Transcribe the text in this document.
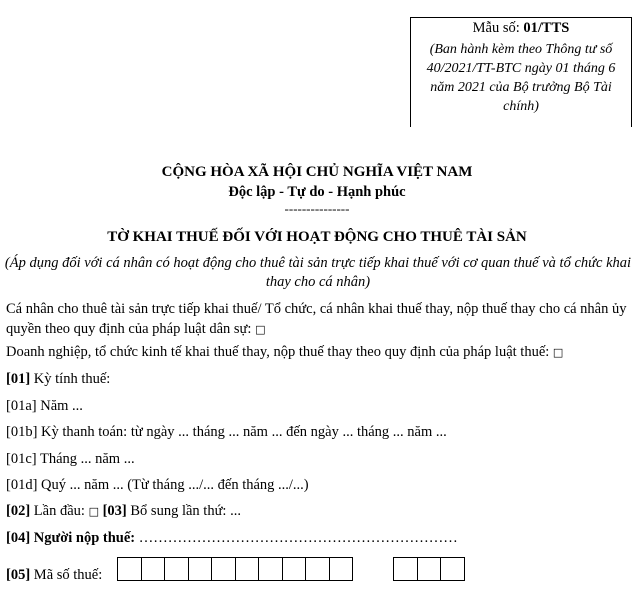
Mẫu số: 01/TTS
(Ban hành kèm theo Thông tư số 40/2021/TT-BTC ngày 01 tháng 6 năm 2021 của Bộ trưởng Bộ Tài chính)
CỘNG HÒA XÃ HỘI CHỦ NGHĨA VIỆT NAM
Độc lập - Tự do - Hạnh phúc
---------------
TỜ KHAI THUẾ ĐỐI VỚI HOẠT ĐỘNG CHO THUÊ TÀI SẢN
(Áp dụng đối với cá nhân có hoạt động cho thuê tài sản trực tiếp khai thuế với cơ quan thuế và tổ chức khai thay cho cá nhân)
Cá nhân cho thuê tài sản trực tiếp khai thuế/ Tổ chức, cá nhân khai thuế thay, nộp thuế thay cho cá nhân ủy quyền theo quy định của pháp luật dân sự: □
Doanh nghiệp, tổ chức kinh tế khai thuế thay, nộp thuế thay theo quy định của pháp luật thuế: □
[01] Kỳ tính thuế:
[01a] Năm ...
[01b] Kỳ thanh toán: từ ngày ... tháng ... năm ... đến ngày ... tháng ... năm ...
[01c] Tháng ... năm ...
[01d] Quý ... năm ... (Từ tháng .../... đến tháng .../...)
[02] Lần đầu: □ [03] Bổ sung lần thứ: ...
[04] Người nộp thuế: …………………………………………………………
[05] Mã số thuế:
